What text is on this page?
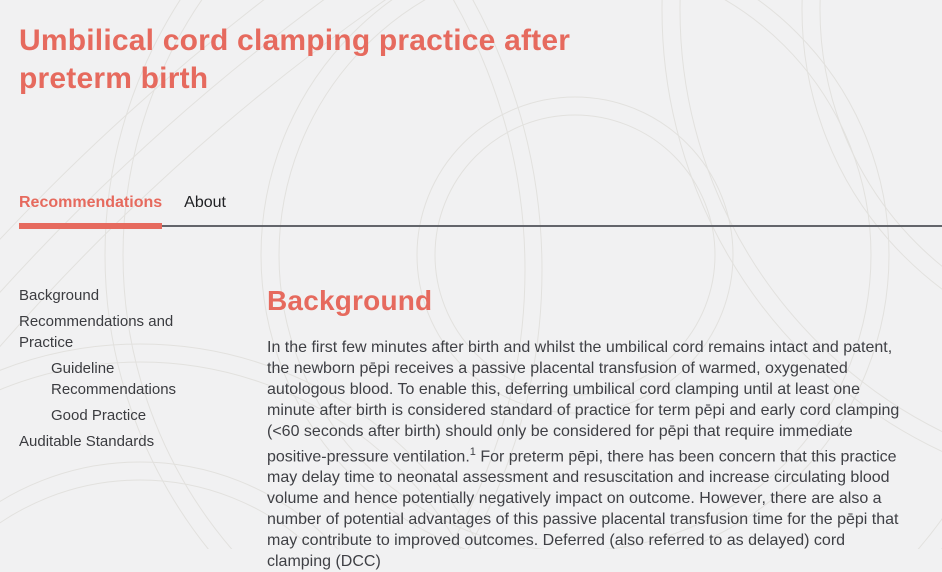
Umbilical cord clamping practice after preterm birth
Recommendations About
Background
Recommendations and Practice
Guideline Recommendations
Good Practice
Auditable Standards
Background

In the first few minutes after birth and whilst the umbilical cord remains intact and patent, the newborn pēpi receives a passive placental transfusion of warmed, oxygenated autologous blood. To enable this, deferring umbilical cord clamping until at least one minute after birth is considered standard of practice for term pēpi and early cord clamping (<60 seconds after birth) should only be considered for pēpi that require immediate positive-pressure ventilation.$^1$ For preterm pēpi, there has been concern that this practice may delay time to neonatal assessment and resuscitation and increase circulating blood volume and hence potentially negatively impact on outcome. However, there are also a number of potential advantages of this passive placental transfusion time for the pēpi that may contribute to improved outcomes. Deferred (also referred to as delayed) cord clamping (DCC)
